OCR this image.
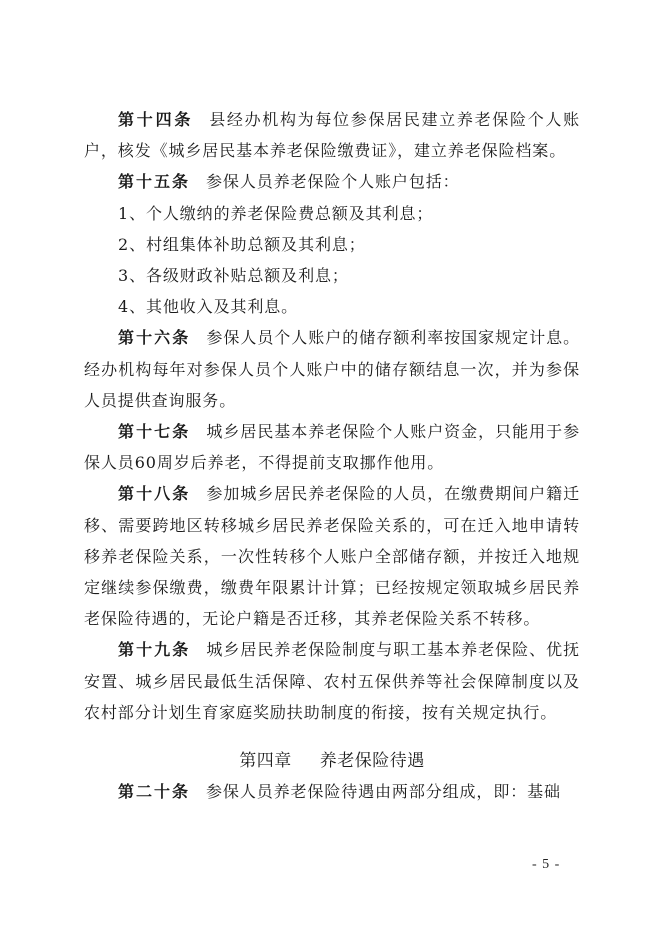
第十四条 县经办机构为每位参保居民建立养老保险个人账户，核发《城乡居民基本养老保险缴费证》，建立养老保险档案。

第十五条 参保人员养老保险个人账户包括：

1、个人缴纳的养老保险费总额及其利息；

2、村组集体补助总额及其利息；

3、各级财政补贴总额及利息；

4、其他收入及其利息。

第十六条 参保人员个人账户的储存额利率按国家规定计息。经办机构每年对参保人员个人账户中的储存额结息一次，并为参保人员提供查询服务。

第十七条 城乡居民基本养老保险个人账户资金，只能用于参保人员60周岁后养老，不得提前支取挪作他用。

第十八条 参加城乡居民养老保险的人员，在缴费期间户籍迁移、需要跨地区转移城乡居民养老保险关系的，可在迁入地申请转移养老保险关系，一次性转移个人账户全部储存额，并按迁入地规定继续参保缴费，缴费年限累计计算；已经按规定领取城乡居民养老保险待遇的，无论户籍是否迁移，其养老保险关系不转移。

第十九条 城乡居民养老保险制度与职工基本养老保险、优抚安置、城乡居民最低生活保障、农村五保供养等社会保障制度以及农村部分计划生育家庭奖励扶助制度的衔接，按有关规定执行。

第四章 养老保险待遇

第二十条 参保人员养老保险待遇由两部分组成，即：基础

- 5 -
